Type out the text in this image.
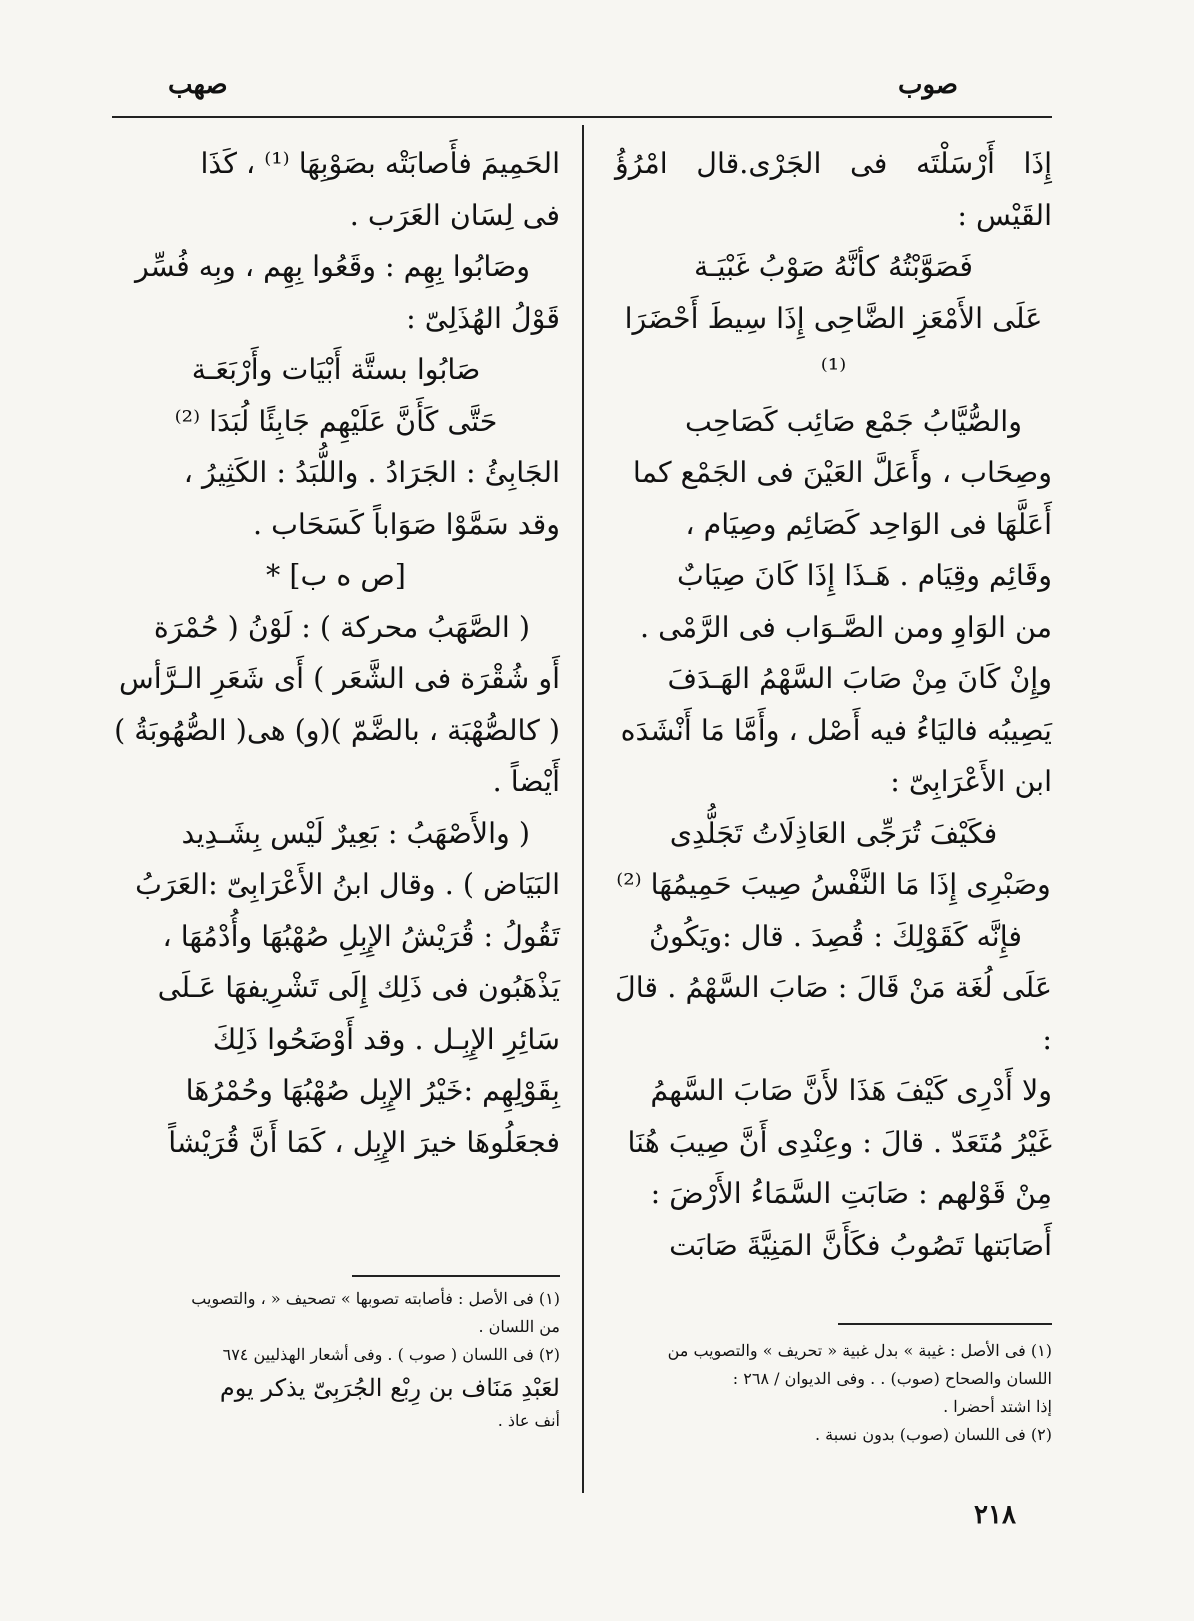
صوب
صهب

إِذَا أَرْسَلْتَه فى الجَرْى.قال امْرُؤُ القَيْس :

فَصَوَّبْتُهُ كأنَّهُ صَوْبُ غَبْيَـة

عَلَى الأَمْعَزِ الضَّاحِى إِذَا سِيطَ أَحْضَرَا ⁽¹⁾

والصُّيَّابُ جَمْع صَائِب كَصَاحِب

وصِحَاب ، وأَعَلَّ العَيْنَ فى الجَمْع كما

أَعَلَّهَا فى الوَاحِد كَصَائِم وصِيَام ،

وقَائِم وقِيَام . هَـذَا إِذَا كَانَ صِيَابٌ

من الوَاوِ ومن الصَّـوَاب فى الرَّمْى .

وإِنْ كَانَ مِنْ صَابَ السَّهْمُ الهَـدَفَ

يَصِيبُه فاليَاءُ فيه أَصْل ، وأَمَّا مَا أَنْشَدَه

ابن الأَعْرَابِىّ :

فكَيْفَ تُرَجِّى العَاذِلَاتُ تَجَلُّدِى

وصَبْرِى إِذَا مَا النَّفْسُ صِيبَ حَمِيمُهَا ⁽²⁾

فإِنَّه كَقَوْلِكَ : قُصِدَ . قال :ويَكُونُ

عَلَى لُغَة مَنْ قَالَ : صَابَ السَّهْمُ . قالَ :

ولا أَدْرِى كَيْفَ هَذَا لأَنَّ صَابَ السَّهمُ

غَيْرُ مُتَعَدّ . قالَ : وعِنْدِى أَنَّ صِيبَ هُنَا

مِنْ قَوْلهم : صَابَتِ السَّمَاءُ الأَرْضَ :

أَصَابَتها تَصُوبُ فكَأَنَّ المَنِيَّةَ صَابَت

الحَمِيمَ فأَصابَتْه بصَوْبِهَا ⁽¹⁾ ، كَذَا

فى لِسَان العَرَب .

وصَابُوا بِهِم : وقَعُوا بِهِم ، وبِه فُسِّر

قَوْلُ الهُذَلِىّ :

صَابُوا بستَّة أَبْيَات وأَرْبَعَـة

حَتَّى كَأَنَّ عَلَيْهِم جَابِئًا لُبَدَا ⁽²⁾

الجَابِئُ : الجَرَادُ . واللُّبَدُ : الكَثِيرُ ،

وقد سَمَّوْا صَوَاباً كَسَحَاب .

[ص ه ب] *

( الصَّهَبُ محركة ) : لَوْنُ ( حُمْرَة

أَو شُقْرَة فى الشَّعَر ) أَى شَعَرِ الـرَّأس

( كالصُّهْبَة ، بالضَّمّ )(و) هى( الصُّهُوبَةُ )

أَيْضاً .

( والأَصْهَبُ : بَعِيرٌ لَيْس بِشَـدِيد

البَيَاض ) . وقال ابنُ الأَعْرَابِىّ :العَرَبُ

تَقُولُ : قُرَيْشُ الإِبِلِ صُهْبُهَا وأُدْمُهَا ،

يَذْهَبُون فى ذَلِك إِلَى تَشْرِيفهَا عَـلَى

سَائِرِ الإِبِـل . وقد أَوْضَحُوا ذَلِكَ

بِقَوْلِهِم :خَيْرُ الإِبِل صُهْبُهَا وحُمْرُهَا

فجعَلُوهَا خيرَ الإِبِل ، كَمَا أَنَّ قُرَيْشاً

(١) فى الأصل : غيبة » بدل غبية « تحريف » والتصويب من

اللسان والصحاح (صوب) . . وفى الديوان / ٢٦٨ :

إذا اشتد أحضرا .

(٢) فى اللسان (صوب) بدون نسبة .

(١) فى الأصل : فأصابته تصوبها » تصحيف « ، والتصويب

من اللسان .

(٢) فى اللسان ( صوب ) . وفى أشعار الهذليين ٦٧٤

لعَبْدِ مَنَاف بن رِبْع الجُرَبِىّ يذكر يوم

أنف عاذ .

٢١٨
